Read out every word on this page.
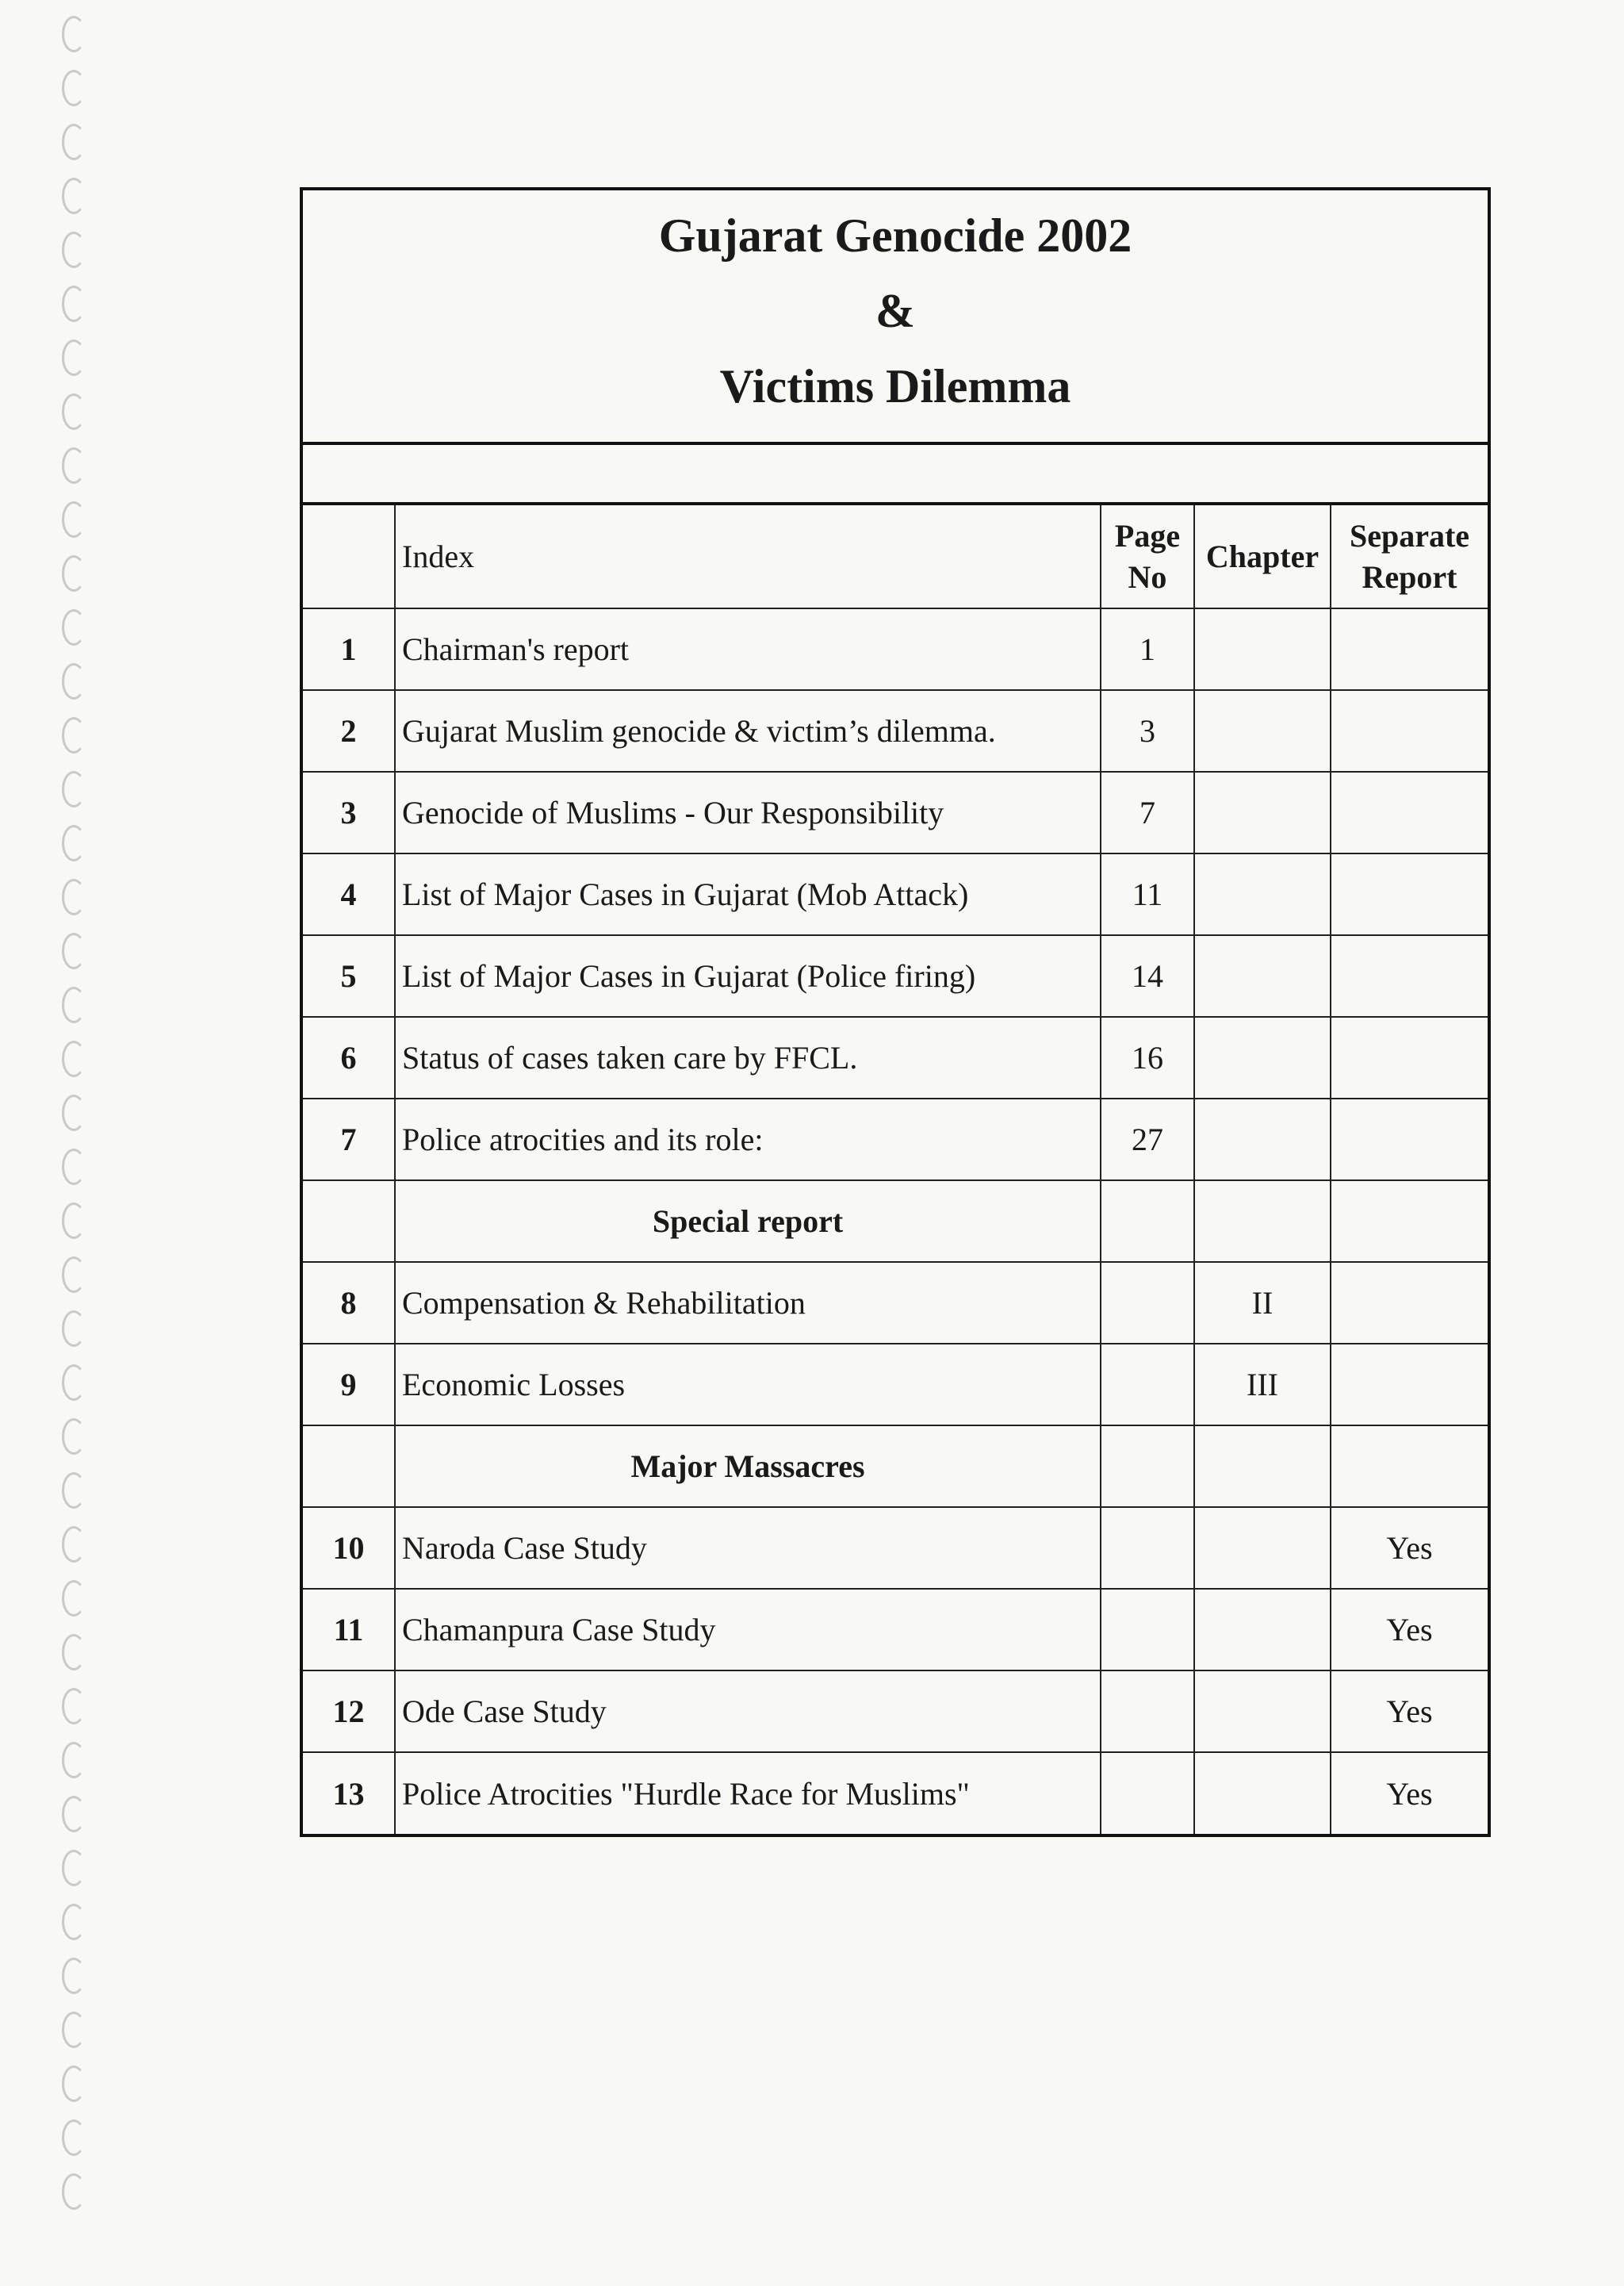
Gujarat Genocide 2002
&
Victims Dilemma
	Index	Page No	Chapter	Separate Report
1	Chairman's report	1		
2	Gujarat Muslim genocide & victim’s dilemma.	3		
3	Genocide of Muslims - Our Responsibility	7		
4	List of Major Cases in Gujarat (Mob Attack)	11		
5	List of Major Cases in Gujarat (Police firing)	14		
6	Status of cases taken care by FFCL.	16		
7	Police atrocities and its role:	27		
	Special report			
8	Compensation & Rehabilitation		II	
9	Economic Losses		III	
	Major Massacres			
10	Naroda Case Study			Yes
11	Chamanpura Case Study			Yes
12	Ode Case Study			Yes
13	Police Atrocities "Hurdle Race for Muslims"			Yes
